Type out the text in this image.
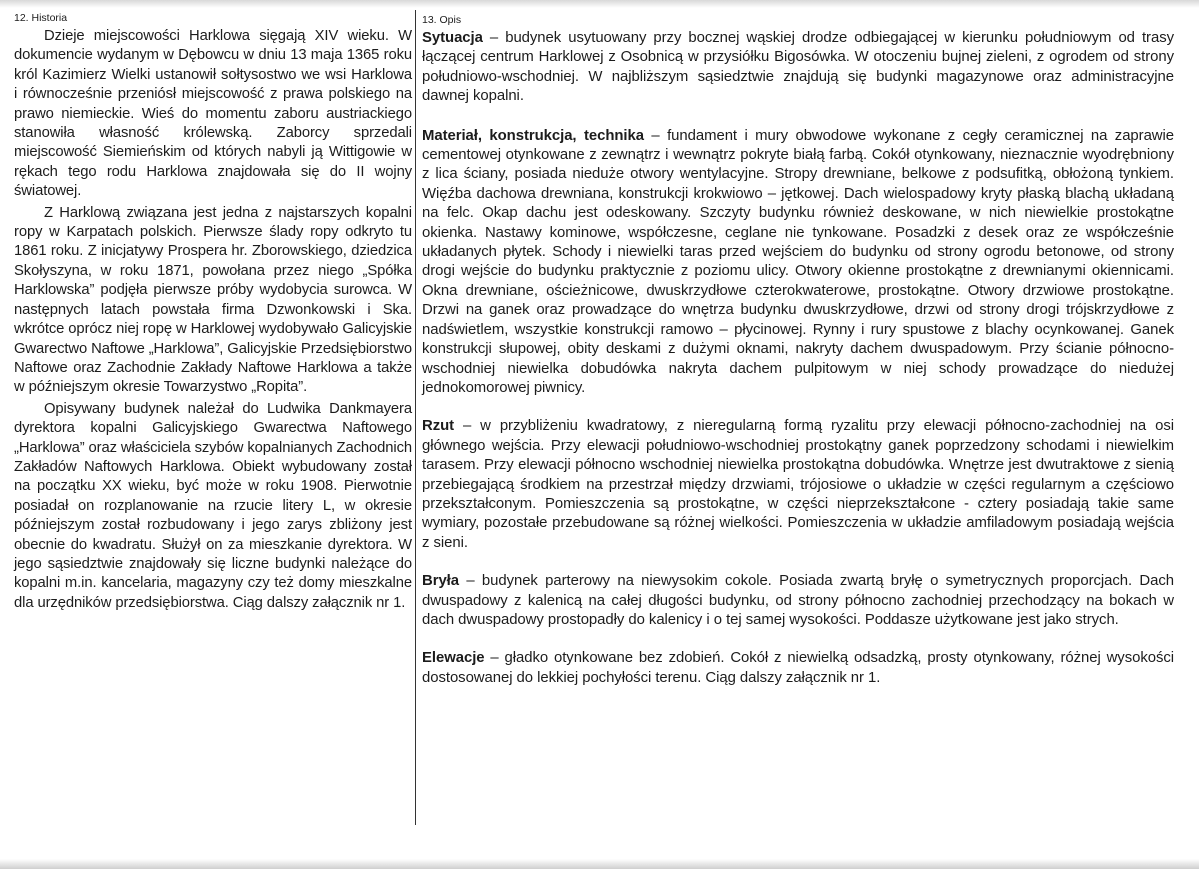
12. Historia

Dzieje miejscowości Harklowa sięgają XIV wieku. W dokumencie wydanym w Dębowcu w dniu 13 maja 1365 roku król Kazimierz Wielki ustanowił sołtysostwo we wsi Harklowa i równocześnie przeniósł miejscowość z prawa polskiego na prawo niemieckie. Wieś do momentu zaboru austriackiego stanowiła własność królewską. Zaborcy sprzedali miejscowość Siemieńskim od których nabyli ją Wittigowie w rękach tego rodu Harklowa znajdowała się do II wojny światowej.

Z Harklową związana jest jedna z najstarszych kopalni ropy w Karpatach polskich. Pierwsze ślady ropy odkryto tu 1861 roku. Z inicjatywy Prospera hr. Zborowskiego, dziedzica Skołyszyna, w roku 1871, powołana przez niego „Spółka Harklowska” podjęła pierwsze próby wydobycia surowca. W następnych latach powstała firma Dzwonkowski i Ska. wkrótce oprócz niej ropę w Harklowej wydobywało Galicyjskie Gwarectwo Naftowe „Harklowa”, Galicyjskie Przedsiębiorstwo Naftowe oraz Zachodnie Zakłady Naftowe Harklowa a także w późniejszym okresie Towarzystwo „Ropita”.

Opisywany budynek należał do Ludwika Dankmayera dyrektora kopalni Galicyjskiego Gwarectwa Naftowego „Harklowa” oraz właściciela szybów kopalnianych Zachodnich Zakładów Naftowych Harklowa. Obiekt wybudowany został na początku XX wieku, być może w roku 1908. Pierwotnie posiadał on rozplanowanie na rzucie litery L, w okresie późniejszym został rozbudowany i jego zarys zbliżony jest obecnie do kwadratu. Służył on za mieszkanie dyrektora. W jego sąsiedztwie znajdowały się liczne budynki należące do kopalni m.in. kancelaria, magazyny czy też domy mieszkalne dla urzędników przedsiębiorstwa. Ciąg dalszy załącznik nr 1.

13. Opis
Sytuacja – budynek usytuowany przy bocznej wąskiej drodze odbiegającej w kierunku południowym od trasy łączącej centrum Harklowej z Osobnicą w przysiółku Bigosówka. W otoczeniu bujnej zieleni, z ogrodem od strony południowo-wschodniej. W najbliższym sąsiedztwie znajdują się budynki magazynowe oraz administracyjne dawnej kopalni.
Materiał, konstrukcja, technika – fundament i mury obwodowe wykonane z cegły ceramicznej na zaprawie cementowej otynkowane z zewnątrz i wewnątrz pokryte białą farbą. Cokół otynkowany, nieznacznie wyodrębniony z lica ściany, posiada nieduże otwory wentylacyjne. Stropy drewniane, belkowe z podsufitką, obłożoną tynkiem. Więźba dachowa drewniana, konstrukcji krokwiowo – jętkowej. Dach wielospadowy kryty płaską blachą układaną na felc. Okap dachu jest odeskowany. Szczyty budynku również deskowane, w nich niewielkie prostokątne okienka. Nastawy kominowe, współczesne, ceglane nie tynkowane. Posadzki z desek oraz ze współcześnie układanych płytek. Schody i niewielki taras przed wejściem do budynku od strony ogrodu betonowe, od strony drogi wejście do budynku praktycznie z poziomu ulicy. Otwory okienne prostokątne z drewnianymi okiennicami. Okna drewniane, ościeżnicowe, dwuskrzydłowe czterokwaterowe, prostokątne. Otwory drzwiowe prostokątne. Drzwi na ganek oraz prowadzące do wnętrza budynku dwuskrzydłowe, drzwi od strony drogi trójskrzydłowe z nadświetlem, wszystkie konstrukcji ramowo – płycinowej. Rynny i rury spustowe z blachy ocynkowanej. Ganek konstrukcji słupowej, obity deskami z dużymi oknami, nakryty dachem dwuspadowym. Przy ścianie północno-wschodniej niewielka dobudówka nakryta dachem pulpitowym w niej schody prowadzące do niedużej jednokomorowej piwnicy.
Rzut – w przybliżeniu kwadratowy, z nieregularną formą ryzalitu przy elewacji północno-zachodniej na osi głównego wejścia. Przy elewacji południowo-wschodniej prostokątny ganek poprzedzony schodami i niewielkim tarasem. Przy elewacji północno wschodniej niewielka prostokątna dobudówka. Wnętrze jest dwutraktowe z sienią przebiegającą środkiem na przestrzał między drzwiami, trójosiowe o układzie w części regularnym a częściowo przekształconym. Pomieszczenia są prostokątne, w części nieprzekształcone - cztery posiadają takie same wymiary, pozostałe przebudowane są różnej wielkości. Pomieszczenia w układzie amfiladowym posiadają wejścia z sieni.
Bryła – budynek parterowy na niewysokim cokole. Posiada zwartą bryłę o symetrycznych proporcjach. Dach dwuspadowy z kalenicą na całej długości budynku, od strony północno zachodniej przechodzący na bokach w dach dwuspadowy prostopadły do kalenicy i o tej samej wysokości. Poddasze użytkowane jest jako strych.
Elewacje – gładko otynkowane bez zdobień. Cokół z niewielką odsadzką, prosty otynkowany, różnej wysokości dostosowanej do lekkiej pochyłości terenu. Ciąg dalszy załącznik nr 1.
